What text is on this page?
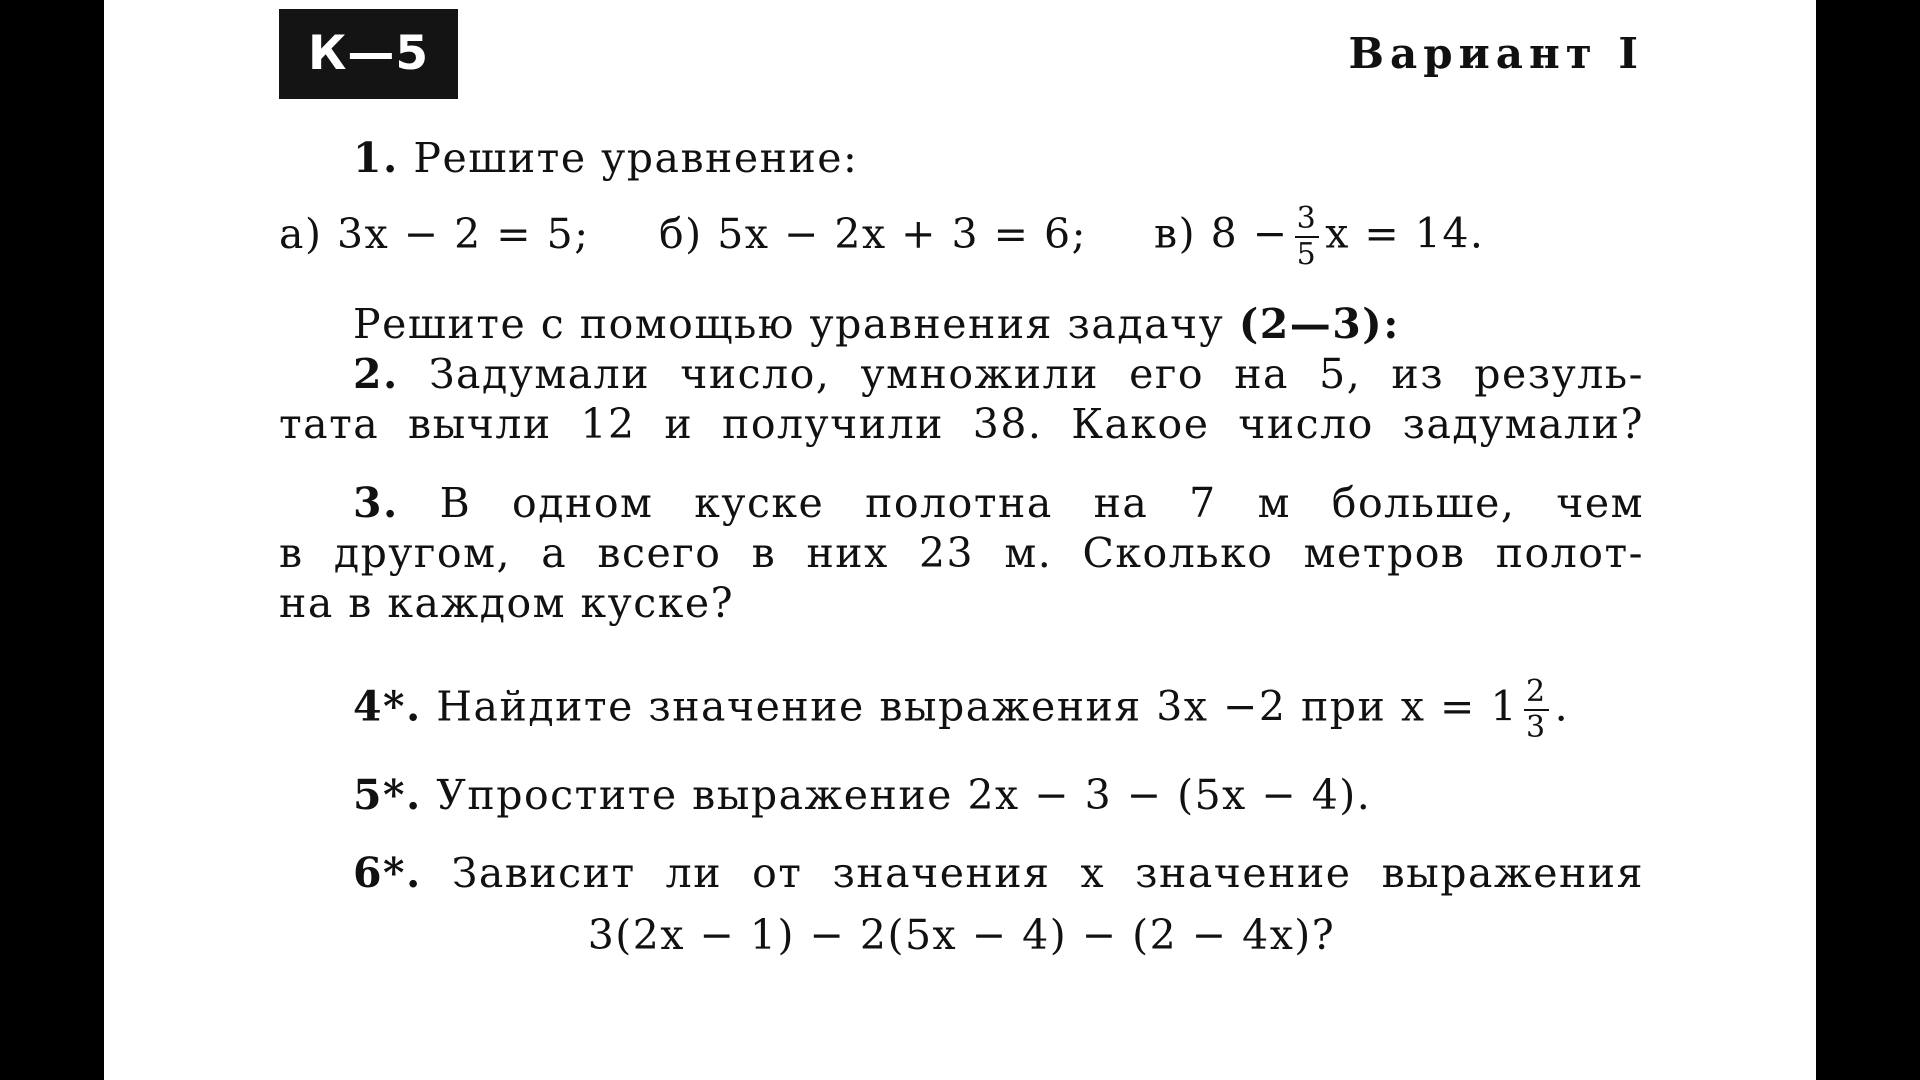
К—5	Вариант I
1. Решите уравнение:
а) 3x − 2 = 5; б) 5x − 2x + 3 = 6; в) $8 - \frac{3}{5}$ x = 14.
Решите с помощью уравнения задачу (2—3):
2. Задумали число, умножили его на 5, из резуль-
тата вычли 12 и получили 38. Какое число задумали?
3. В одном куске полотна на 7 м больше, чем
в другом, а всего в них 23 м. Сколько метров полот-
на в каждом куске?
4*. Найдите значение выражения 3x −2 при $x = 1 \frac{2}{3}$ .
5*. Упростите выражение 2x − 3 − (5x − 4).
6*. Зависит ли от значения x значение выражения
3(2x − 1) − 2(5x − 4) − (2 − 4x)?
